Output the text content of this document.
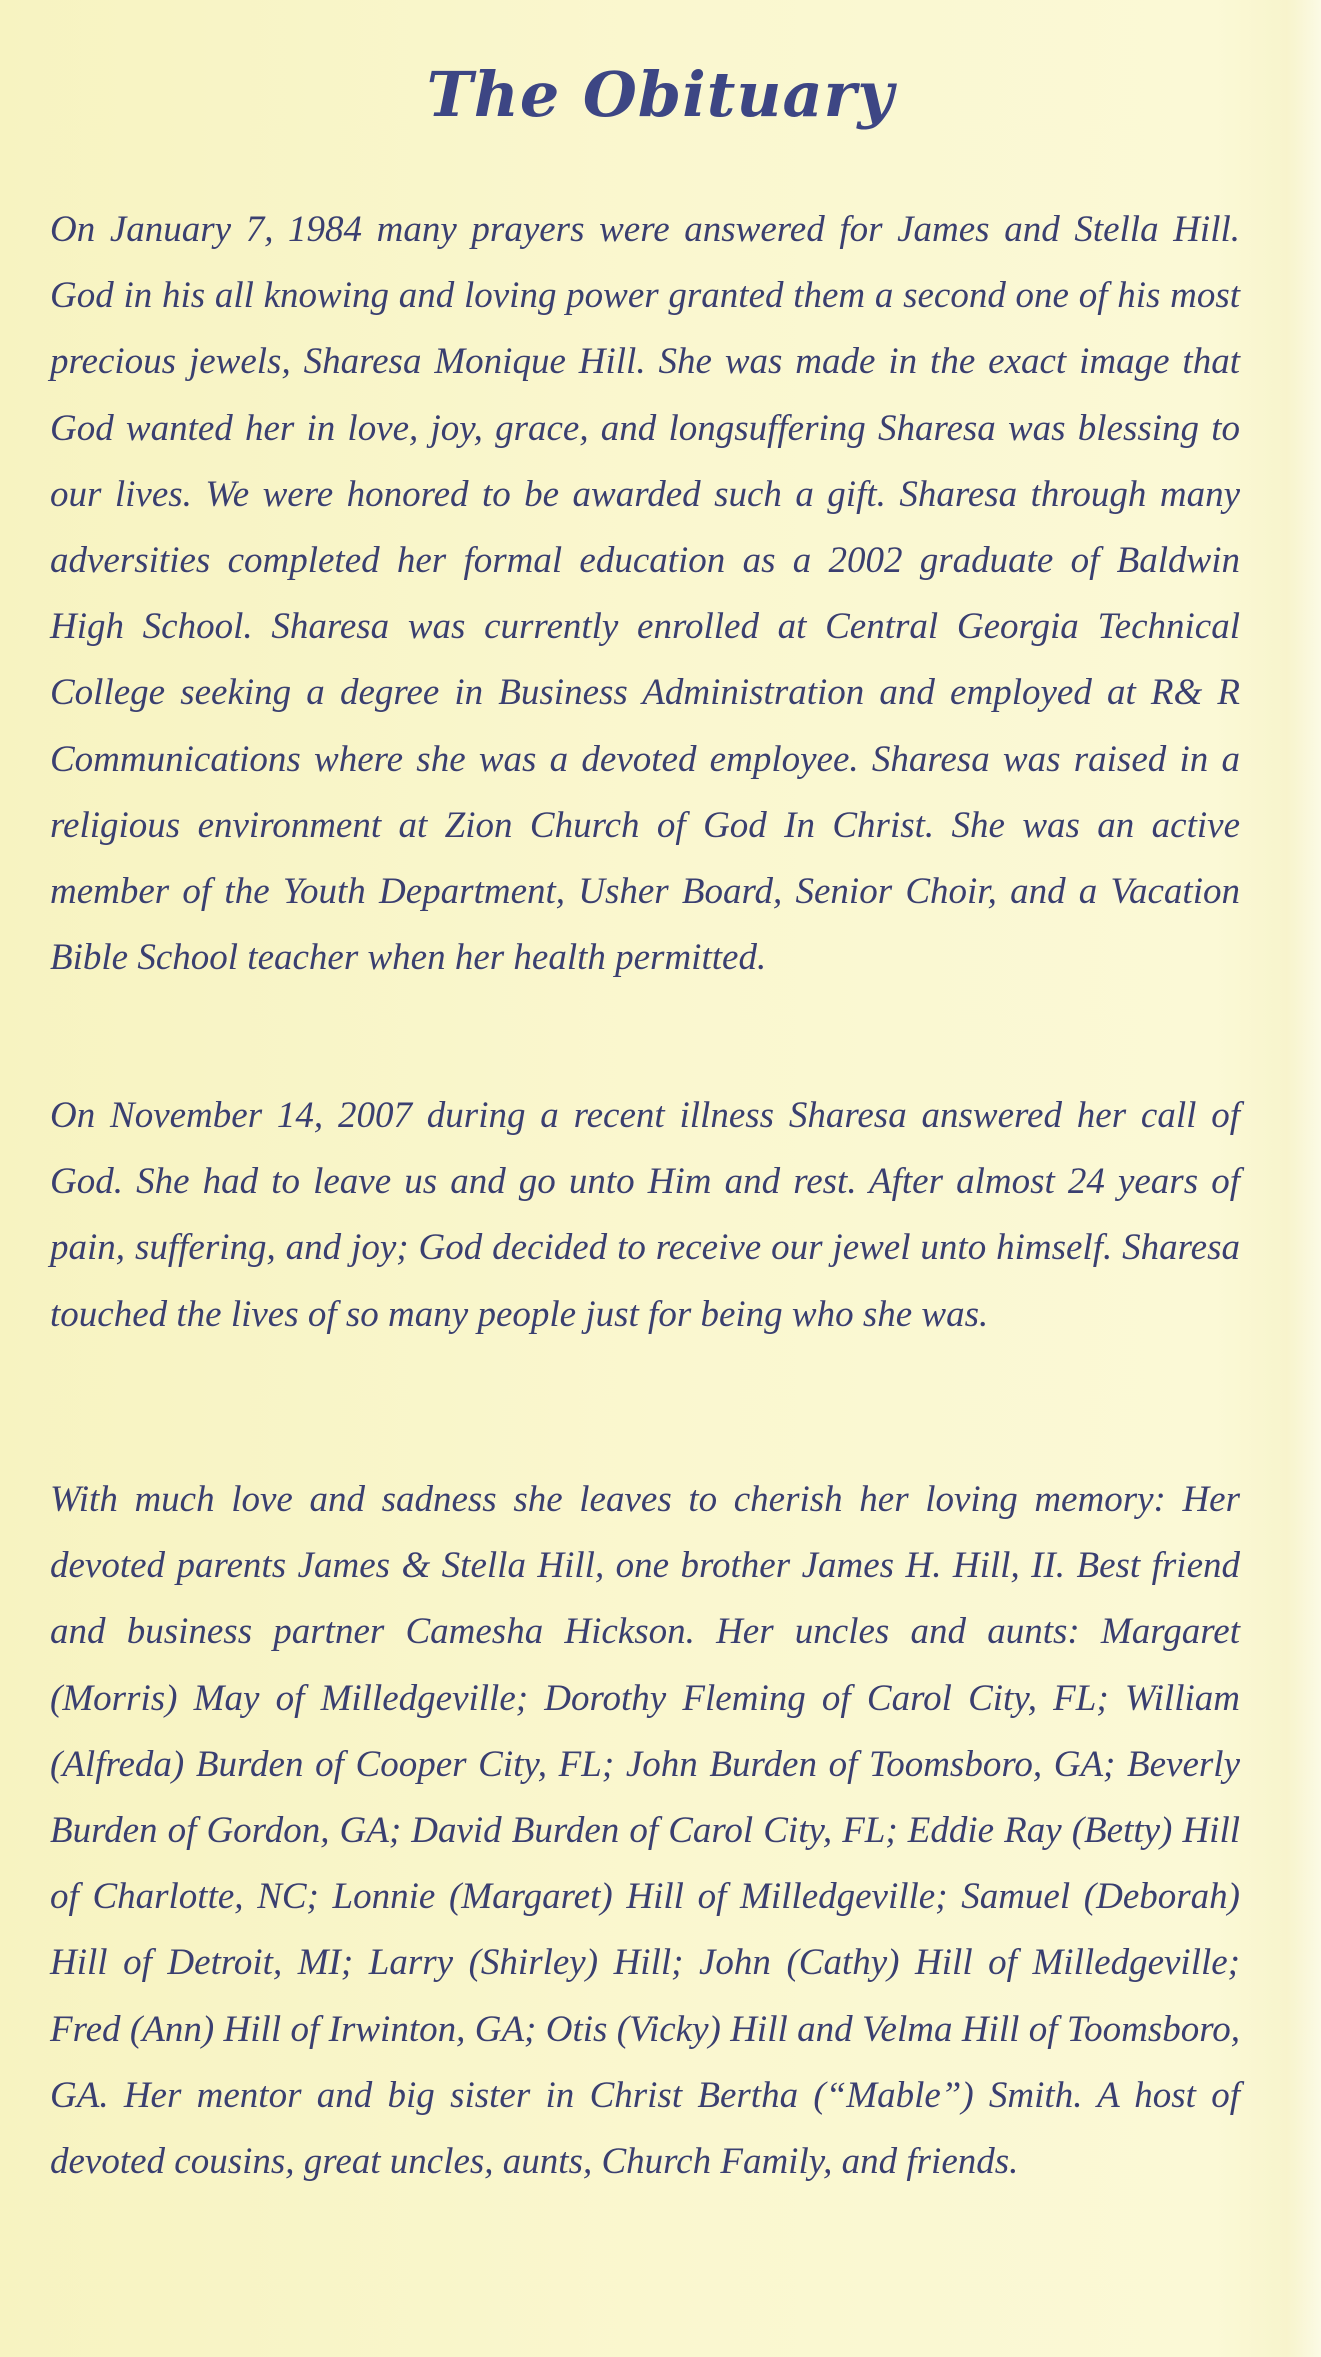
The Obituary

On January 7, 1984 many prayers were answered for James and Stella Hill. God in his all knowing and loving power granted them a second one of his most precious jewels, Sharesa Monique Hill. She was made in the exact image that God wanted her in love, joy, grace, and longsuffering Sharesa was blessing to our lives. We were honored to be awarded such a gift. Sharesa through many adversities completed her formal education as a 2002 graduate of Baldwin High School. Sharesa was currently enrolled at Central Georgia Technical College seeking a degree in Business Administration and employed at R& R Communications where she was a devoted employee. Sharesa was raised in a religious environment at Zion Church of God In Christ. She was an active member of the Youth Department, Usher Board, Senior Choir, and a Vacation Bible School teacher when her health permitted.

On November 14, 2007 during a recent illness Sharesa answered her call of God. She had to leave us and go unto Him and rest. After almost 24 years of pain, suffering, and joy; God decided to receive our jewel unto himself. Sharesa touched the lives of so many people just for being who she was.

With much love and sadness she leaves to cherish her loving memory: Her devoted parents James & Stella Hill, one brother James H. Hill, II. Best friend and business partner Camesha Hickson. Her uncles and aunts: Margaret (Morris) May of Milledgeville; Dorothy Fleming of Carol City, FL; William (Alfreda) Burden of Cooper City, FL; John Burden of Toomsboro, GA; Beverly Burden of Gordon, GA; David Burden of Carol City, FL; Eddie Ray (Betty) Hill of Charlotte, NC; Lonnie (Margaret) Hill of Milledgeville; Samuel (Deborah) Hill of Detroit, MI; Larry (Shirley) Hill; John (Cathy) Hill of Milledgeville; Fred (Ann) Hill of Irwinton, GA; Otis (Vicky) Hill and Velma Hill of Toomsboro, GA. Her mentor and big sister in Christ Bertha (“Mable”) Smith. A host of devoted cousins, great uncles, aunts, Church Family, and friends.
